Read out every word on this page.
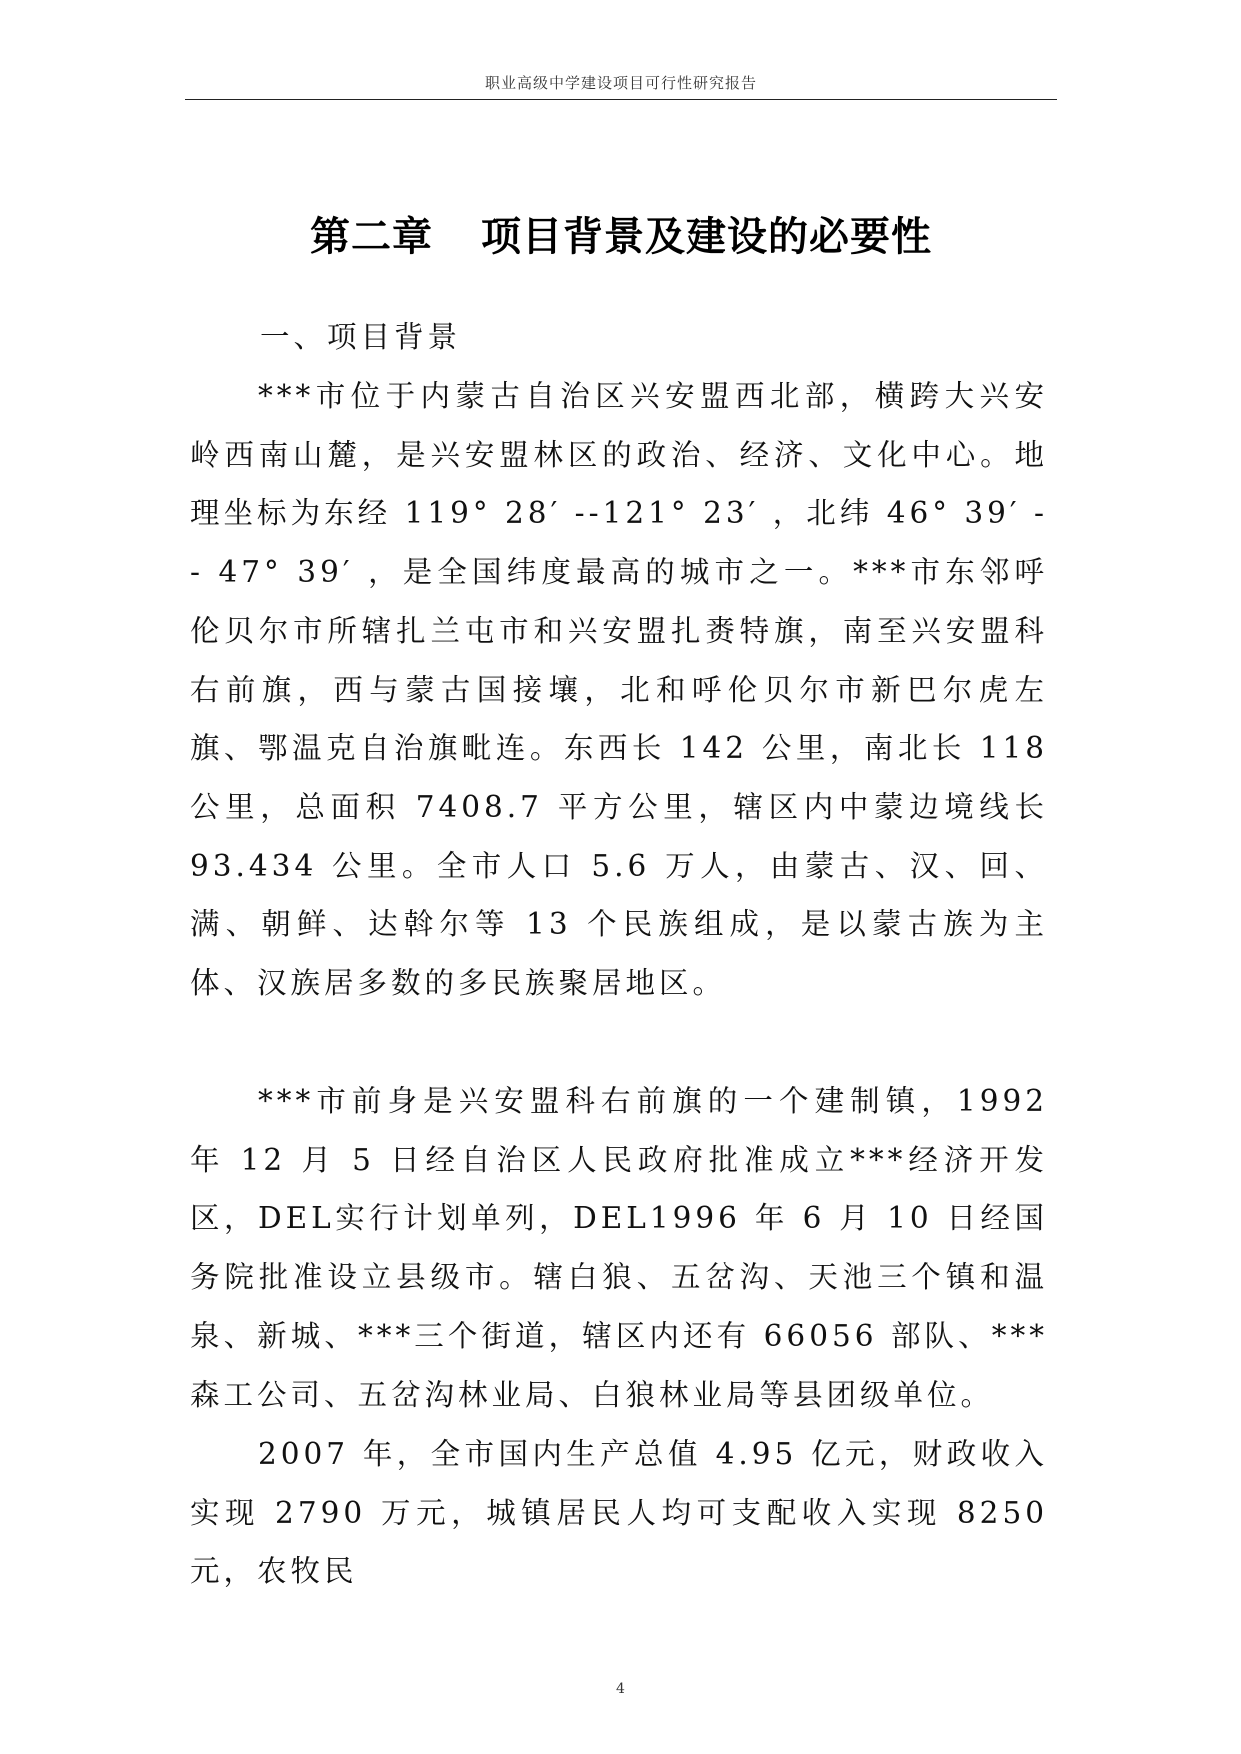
职业高级中学建设项目可行性研究报告
第二章 项目背景及建设的必要性
一、项目背景
***市位于内蒙古自治区兴安盟西北部，横跨大兴安岭西南山麓，是兴安盟林区的政治、经济、文化中心。地理坐标为东经 119° 28′ --121° 23′ ，北纬 46° 39′ -- 47° 39′ ，是全国纬度最高的城市之一。***市东邻呼伦贝尔市所辖扎兰屯市和兴安盟扎赉特旗，南至兴安盟科右前旗，西与蒙古国接壤，北和呼伦贝尔市新巴尔虎左旗、鄂温克自治旗毗连。东西长 142 公里，南北长 118 公里，总面积 7408.7 平方公里，辖区内中蒙边境线长 93.434 公里。全市人口 5.6 万人，由蒙古、汉、回、满、朝鲜、达斡尔等 13 个民族组成，是以蒙古族为主体、汉族居多数的多民族聚居地区。
***市前身是兴安盟科右前旗的一个建制镇，1992 年 12 月 5 日经自治区人民政府批准成立***经济开发区，DEL实行计划单列，DEL1996 年 6 月 10 日经国务院批准设立县级市。辖白狼、五岔沟、天池三个镇和温泉、新城、***三个街道，辖区内还有 66056 部队、***森工公司、五岔沟林业局、白狼林业局等县团级单位。
2007 年，全市国内生产总值 4.95 亿元，财政收入实现 2790 万元，城镇居民人均可支配收入实现 8250 元，农牧民
4
